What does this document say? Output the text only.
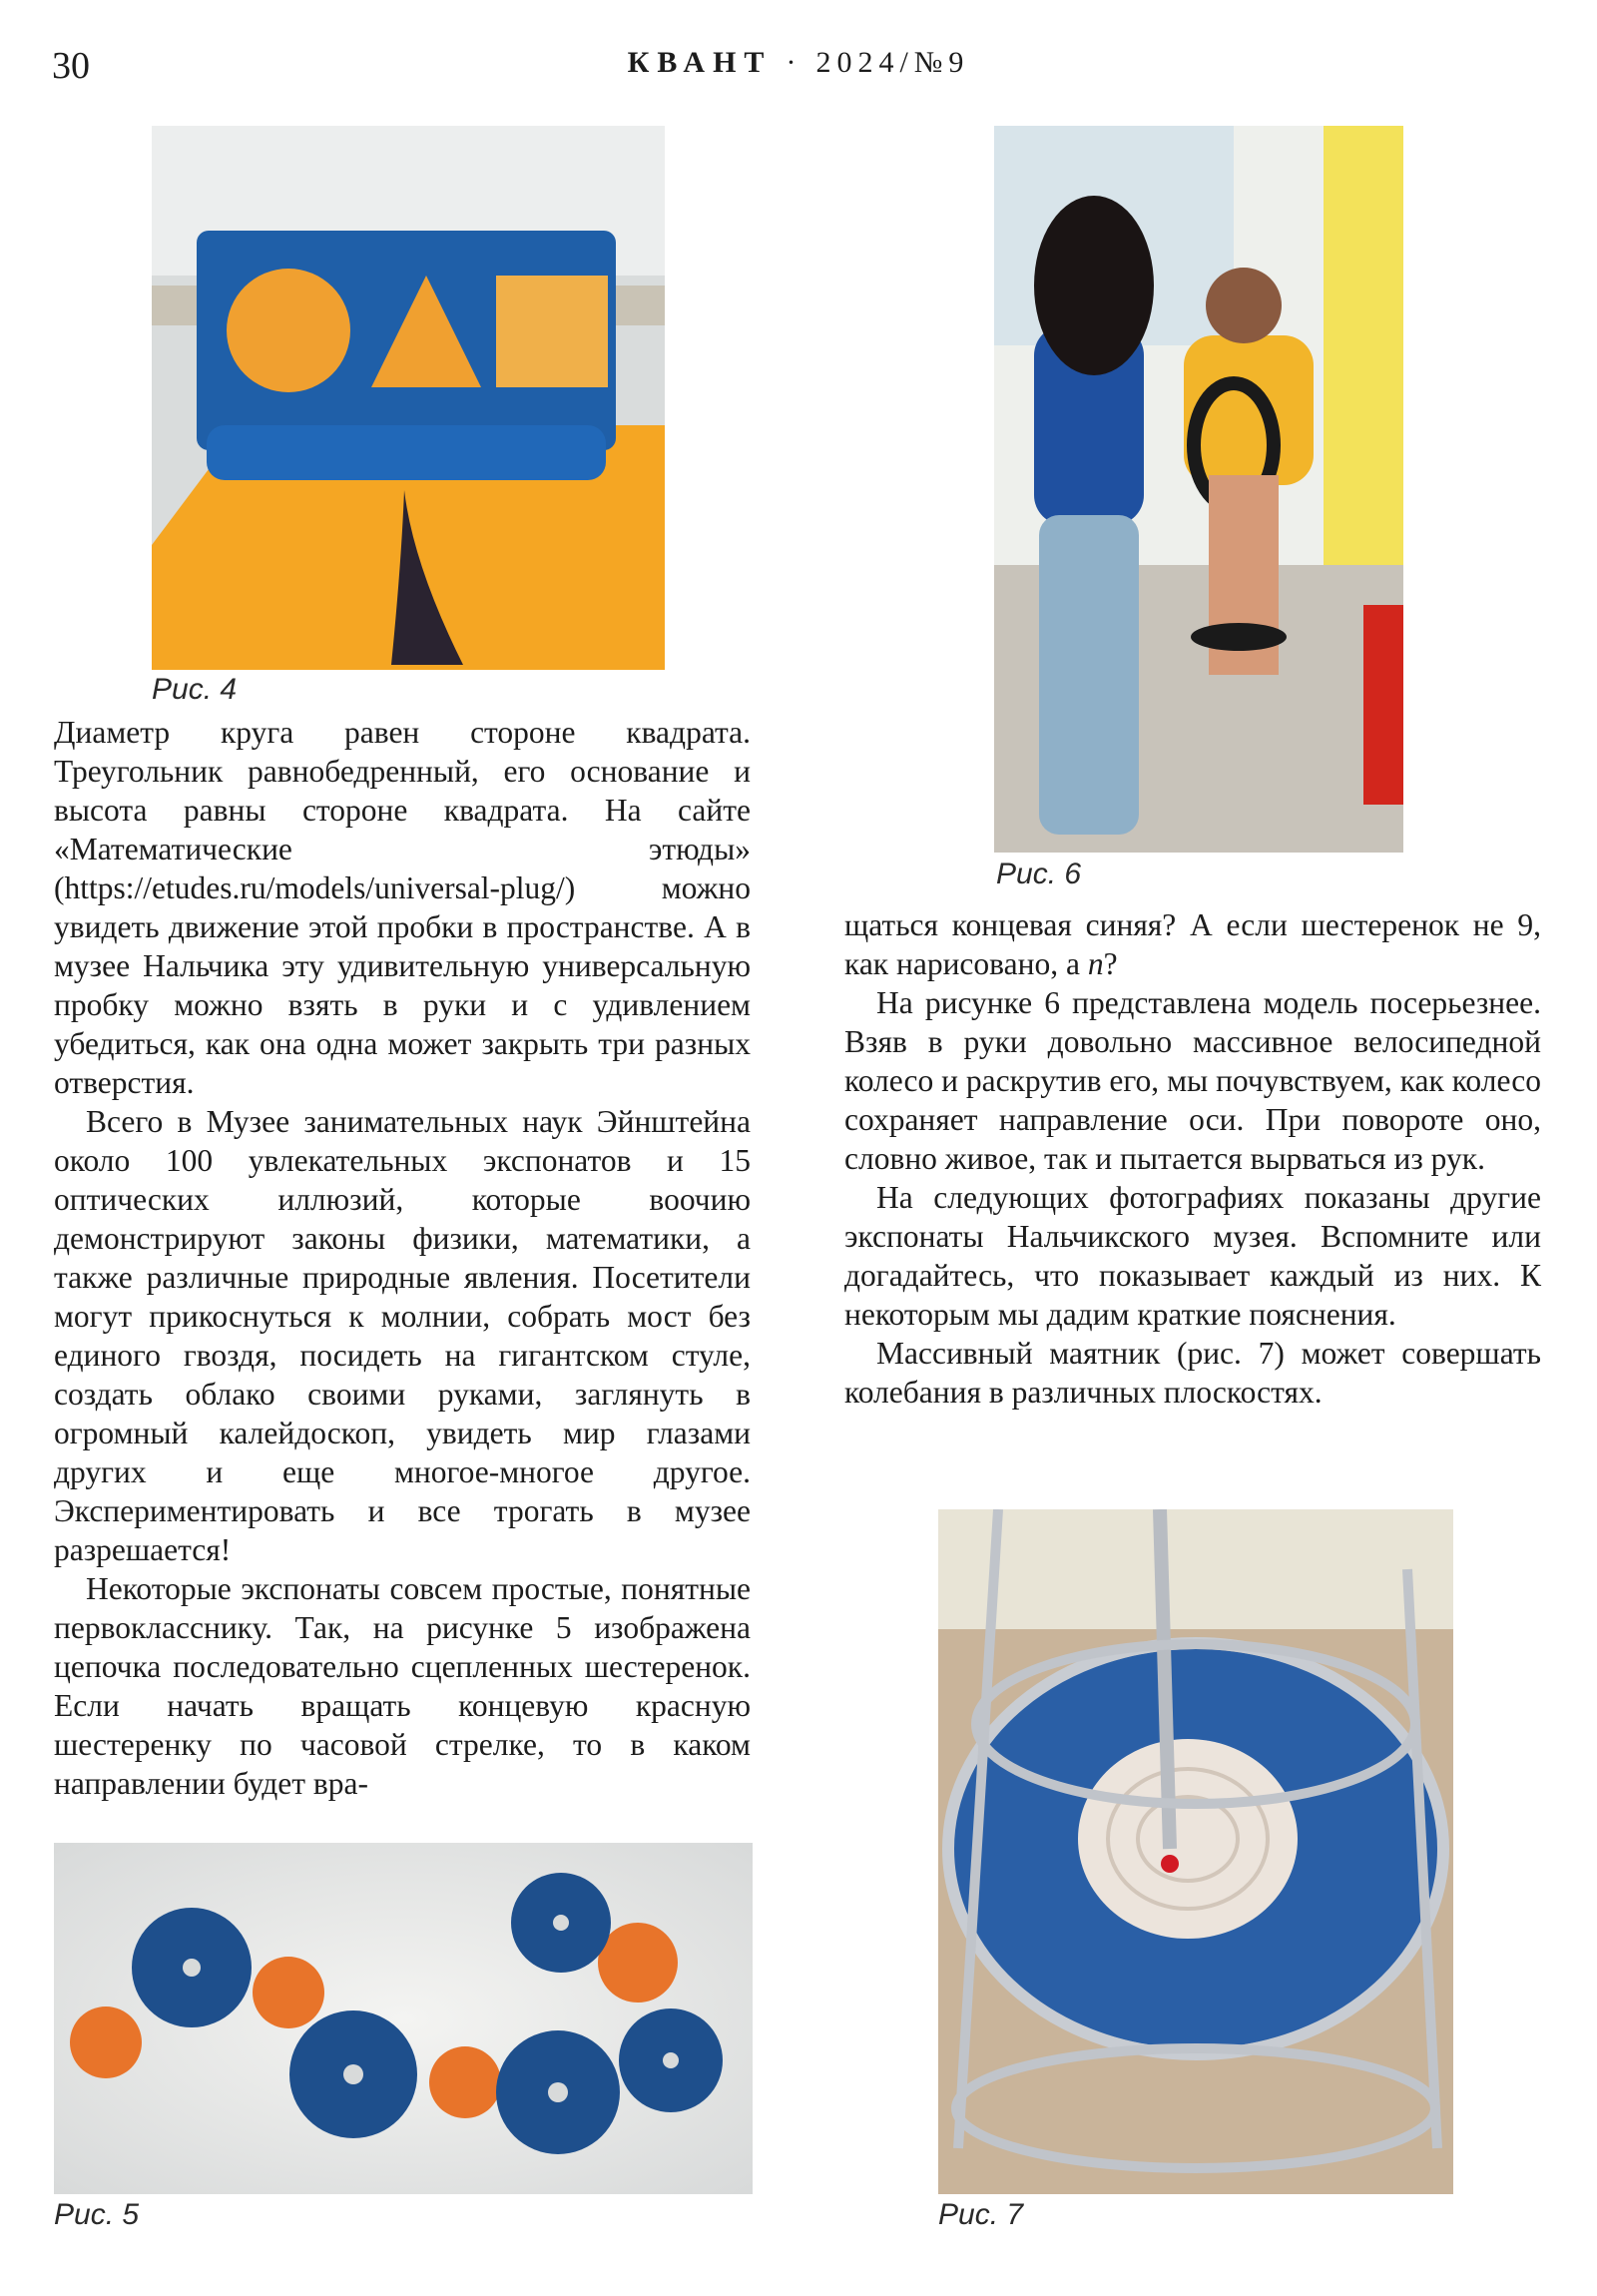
30	КВАНТ · 2024/№9
Рис. 4

Диаметр круга равен стороне квадрата. Треугольник равнобедренный, его основание и высота равны стороне квадрата. На сайте «Математические этюды» (https://etudes.ru/models/universal-plug/) можно увидеть движение этой пробки в пространстве. А в музее Нальчика эту удивительную универсальную пробку можно взять в руки и с удивлением убедиться, как она одна может закрыть три разных отверстия.

Всего в Музее занимательных наук Эйнштейна около 100 увлекательных экспонатов и 15 оптических иллюзий, которые воочию демонстрируют законы физики, математики, а также различные природные явления. Посетители могут прикоснуться к молнии, собрать мост без единого гвоздя, посидеть на гигантском стуле, создать облако своими руками, заглянуть в огромный калейдоскоп, увидеть мир глазами других и еще многое-многое другое. Экспериментировать и все трогать в музее разрешается!

Некоторые экспонаты совсем простые, понятные первокласснику. Так, на рисунке 5 изображена цепочка последовательно сцепленных шестеренок. Если начать вращать концевую красную шестеренку по часовой стрелке, то в каком направлении будет вра-

Рис. 5
Рис. 6

щаться концевая синяя? А если шестеренок не 9, как нарисовано, а n?

На рисунке 6 представлена модель посерьезнее. Взяв в руки довольно массивное велосипедной колесо и раскрутив его, мы почувствуем, как колесо сохраняет направление оси. При повороте оно, словно живое, так и пытается вырваться из рук.

На следующих фотографиях показаны другие экспонаты Нальчикского музея. Вспомните или догадайтесь, что показывает каждый из них. К некоторым мы дадим краткие пояснения.

Массивный маятник (рис. 7) может совершать колебания в различных плоскостях.

Рис. 7
